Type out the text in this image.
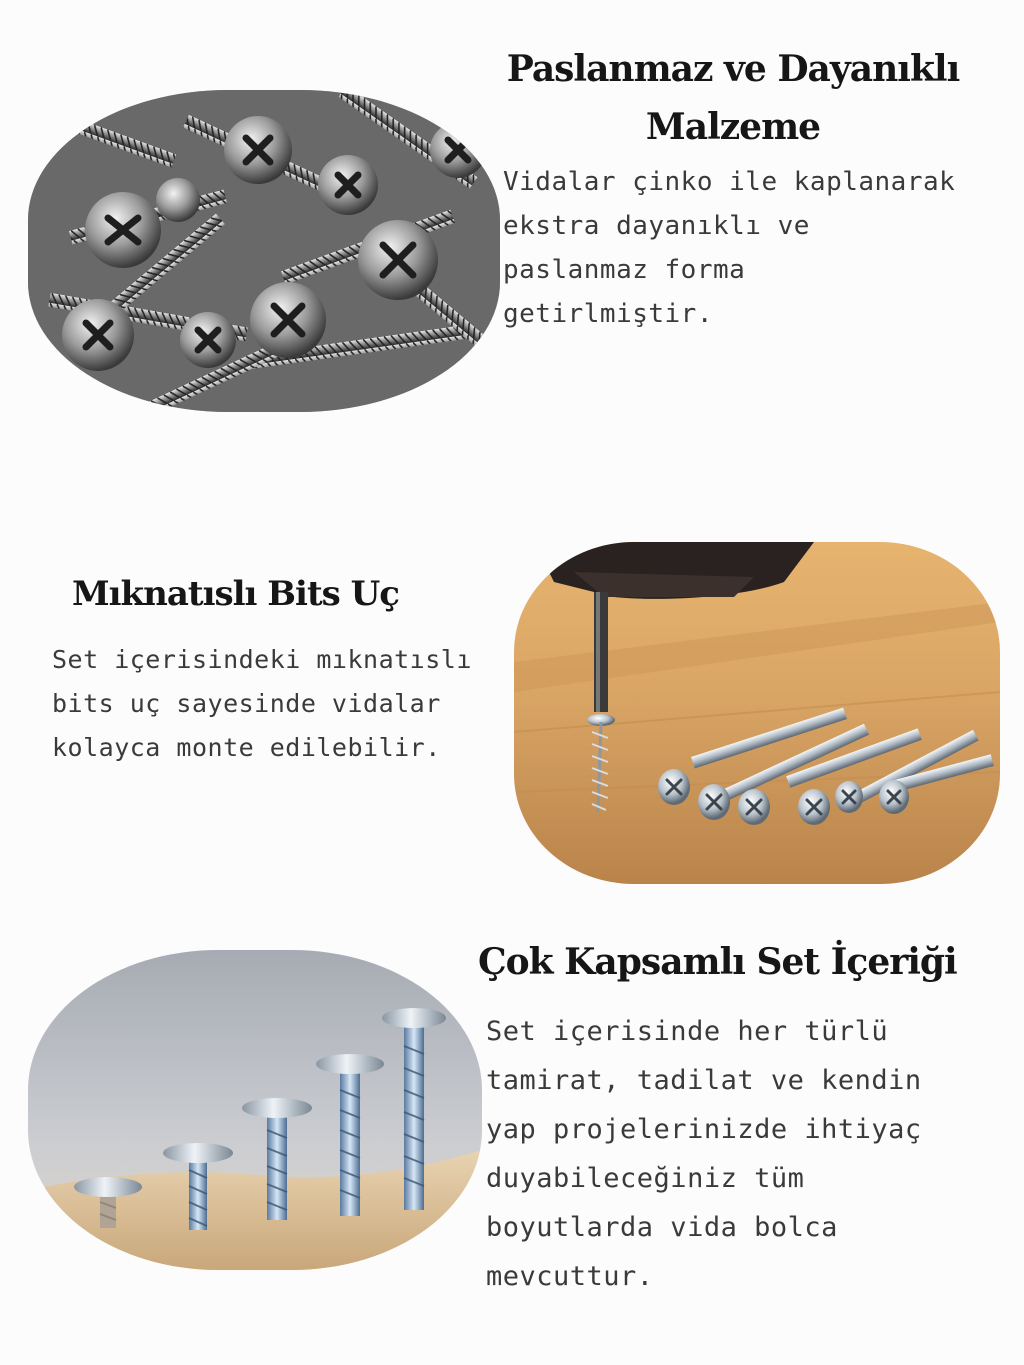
Paslanmaz ve Dayanıklı
Malzeme

Vidalar çinko ile kaplanarak
ekstra dayanıklı ve
paslanmaz forma
getirlmiştir.

Mıknatıslı Bits Uç

Set içerisindeki mıknatıslı
bits uç sayesinde vidalar
kolayca monte edilebilir.

Çok Kapsamlı Set İçeriği

Set içerisinde her türlü
tamirat, tadilat ve kendin
yap projelerinizde ihtiyaç
duyabileceğiniz tüm
boyutlarda vida bolca
mevcuttur.
